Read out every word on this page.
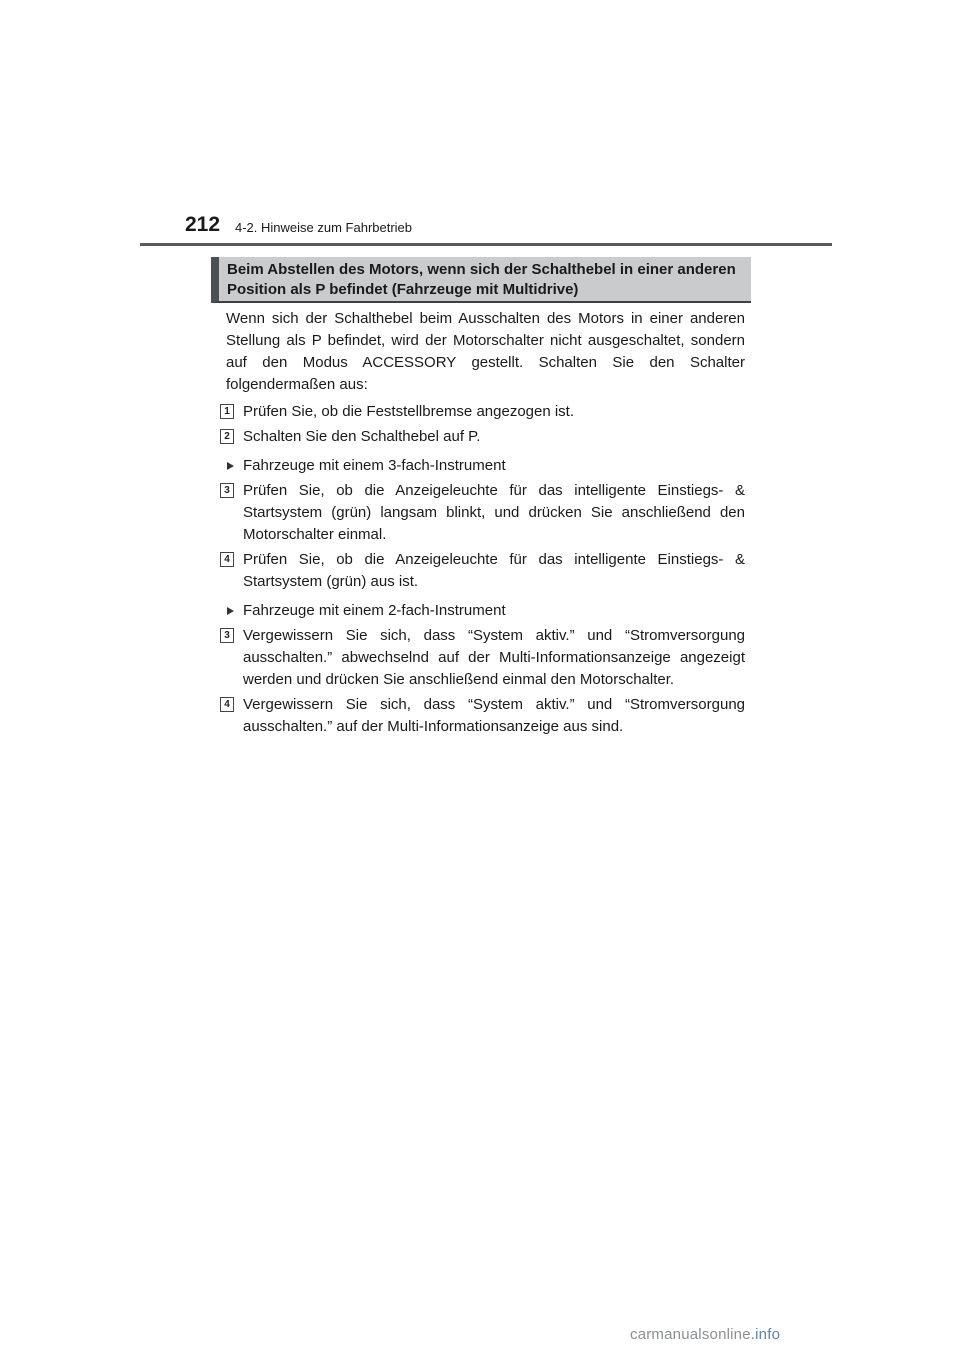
212 4-2. Hinweise zum Fahrbetrieb
Beim Abstellen des Motors, wenn sich der Schalthebel in einer anderen Position als P befindet (Fahrzeuge mit Multidrive)

Wenn sich der Schalthebel beim Ausschalten des Motors in einer anderen Stellung als P befindet, wird der Motorschalter nicht ausgeschaltet, sondern auf den Modus ACCESSORY gestellt. Schalten Sie den Schalter folgendermaßen aus:

1 Prüfen Sie, ob die Feststellbremse angezogen ist.
2 Schalten Sie den Schalthebel auf P.
Fahrzeuge mit einem 3-fach-Instrument
3 Prüfen Sie, ob die Anzeigeleuchte für das intelligente Einstiegs- & Startsystem (grün) langsam blinkt, und drücken Sie anschließend den Motorschalter einmal.
4 Prüfen Sie, ob die Anzeigeleuchte für das intelligente Einstiegs- & Startsystem (grün) aus ist.
Fahrzeuge mit einem 2-fach-Instrument
3 Vergewissern Sie sich, dass “System aktiv.” und “Stromversorgung ausschalten.” abwechselnd auf der Multi-Informationsanzeige angezeigt werden und drücken Sie anschließend einmal den Motorschalter.
4 Vergewissern Sie sich, dass “System aktiv.” und “Stromversorgung ausschalten.” auf der Multi-Informationsanzeige aus sind.
carmanualsonline.info
